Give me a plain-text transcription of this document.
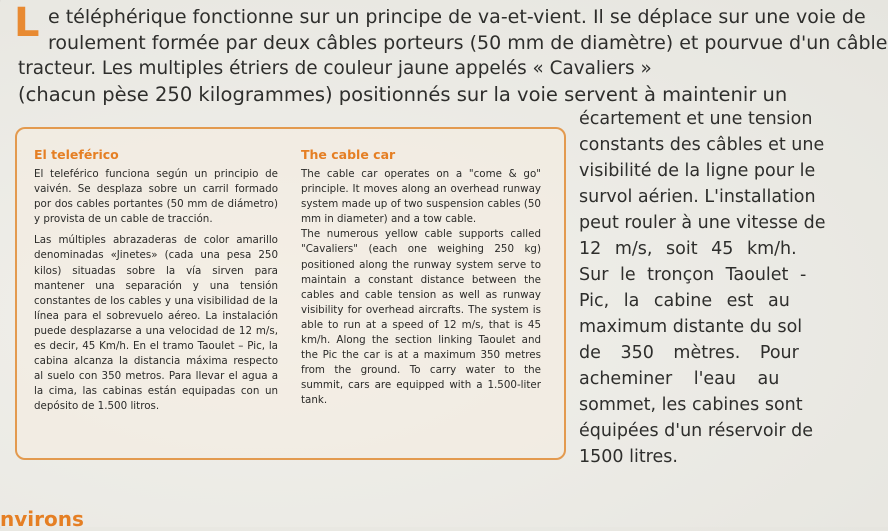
L e téléphérique fonctionne sur un principe de va-et-vient. Il se déplace sur une voie de
roulement formée par deux câbles porteurs (50 mm de diamètre) et pourvue d'un câble
tracteur. Les multiples étriers de couleur jaune appelés « Cavaliers »
(chacun pèse 250 kilogrammes) positionnés sur la voie servent à maintenir un
écartement et une tension
constants des câbles et une
visibilité de la ligne pour le
survol aérien. L'installation
peut rouler à une vitesse de
12 m/s, soit 45 km/h.
Sur le tronçon Taoulet -
Pic, la cabine est au
maximum distante du sol
de 350 mètres. Pour
acheminer l'eau au
sommet, les cabines sont
équipées d'un réservoir de
1500 litres.
El teleférico

El teleférico funciona según un principio de vaivén. Se desplaza sobre un carril formado por dos cables portantes (50 mm de diámetro) y provista de un cable de tracción.

Las múltiples abrazaderas de color amarillo denominadas «Jinetes» (cada una pesa 250 kilos) situadas sobre la vía sirven para mantener una separación y una tensión constantes de los cables y una visibilidad de la línea para el sobrevuelo aéreo. La instalación puede desplazarse a una velocidad de 12 m/s, es decir, 45 Km/h. En el tramo Taoulet – Pic, la cabina alcanza la distancia máxima respecto al suelo con 350 metros. Para llevar el agua a la cima, las cabinas están equipadas con un depósito de 1.500 litros.

The cable car

The cable car operates on a "come & go" principle. It moves along an overhead runway system made up of two suspension cables (50 mm in diameter) and a tow cable.

The numerous yellow cable supports called "Cavaliers" (each one weighing 250 kg) positioned along the runway system serve to maintain a constant distance between the cables and cable tension as well as runway visibility for overhead aircrafts. The system is able to run at a speed of 12 m/s, that is 45 km/h. Along the section linking Taoulet and the Pic the car is at a maximum 350 metres from the ground. To carry water to the summit, cars are equipped with a 1.500-liter tank.

nvirons
